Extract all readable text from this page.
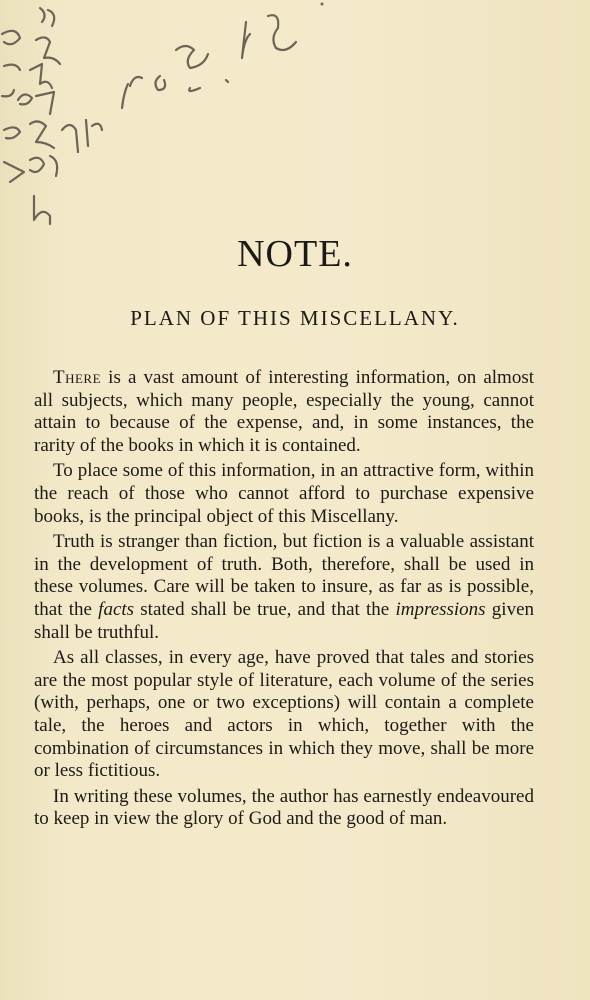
NOTE.
PLAN OF THIS MISCELLANY.

There is a vast amount of interesting information, on almost all subjects, which many people, especially the young, cannot attain to because of the expense, and, in some instances, the rarity of the books in which it is contained.

To place some of this information, in an attractive form, within the reach of those who cannot afford to purchase expensive books, is the principal object of this Miscellany.

Truth is stranger than fiction, but fiction is a valuable assistant in the development of truth. Both, therefore, shall be used in these volumes. Care will be taken to insure, as far as is possible, that the facts stated shall be true, and that the impressions given shall be truthful.

As all classes, in every age, have proved that tales and stories are the most popular style of literature, each volume of the series (with, perhaps, one or two exceptions) will contain a complete tale, the heroes and actors in which, together with the combination of circumstances in which they move, shall be more or less fictitious.

In writing these volumes, the author has earnestly endeavoured to keep in view the glory of God and the good of man.
